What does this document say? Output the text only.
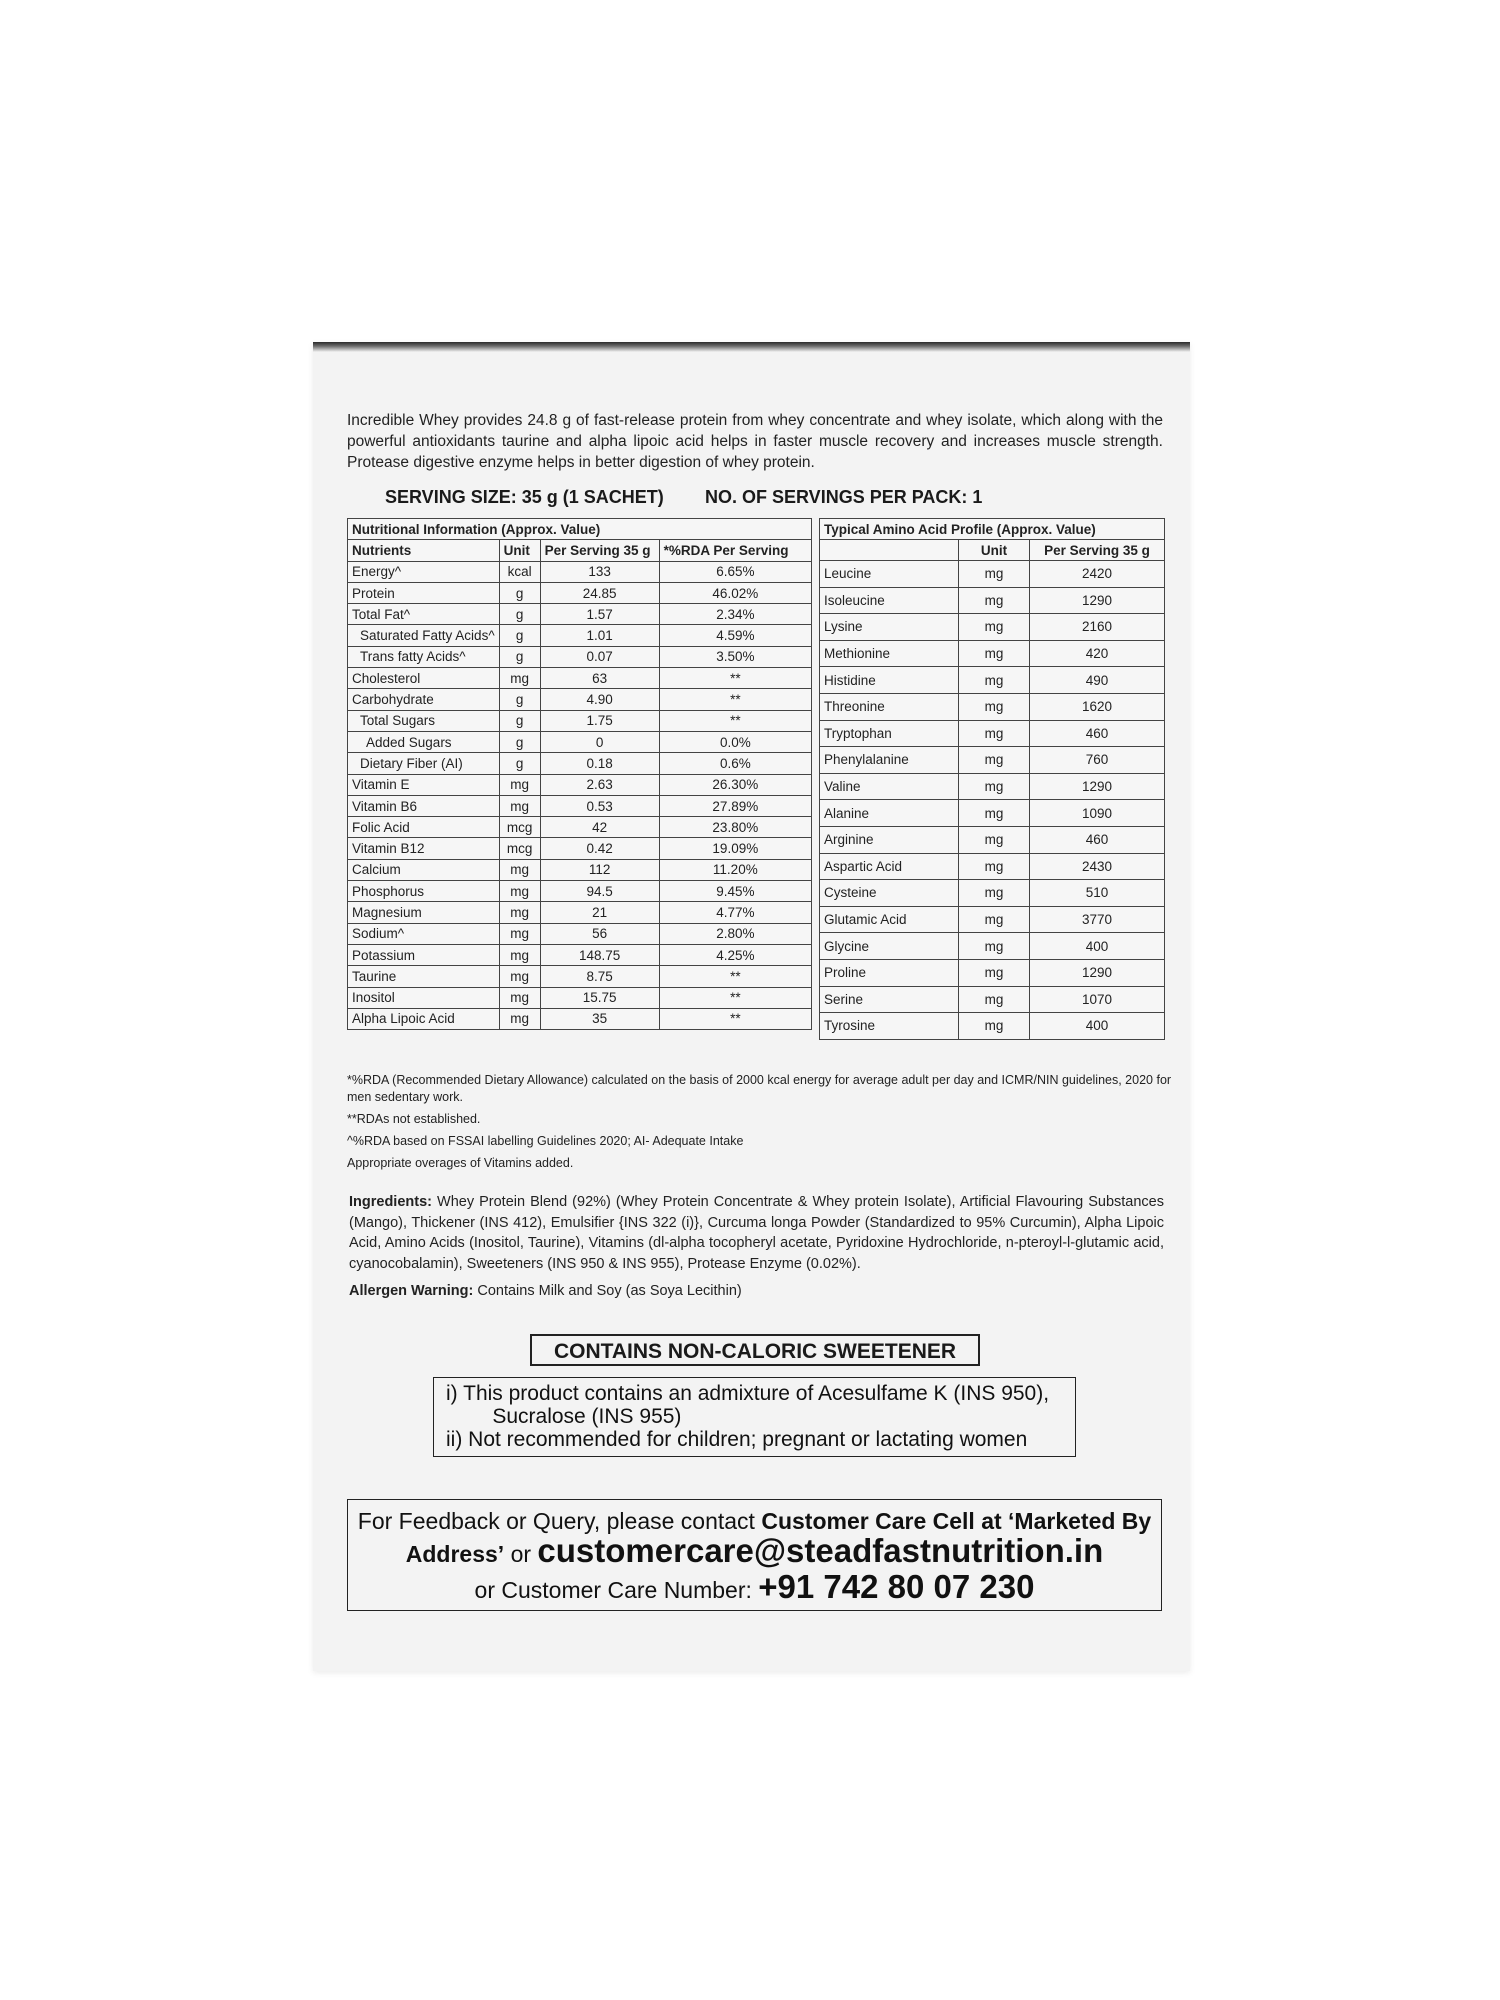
Incredible Whey provides 24.8 g of fast-release protein from whey concentrate and whey isolate, which along with the powerful antioxidants taurine and alpha lipoic acid helps in faster muscle recovery and increases muscle strength. Protease digestive enzyme helps in better digestion of whey protein.
SERVING SIZE: 35 g (1 SACHET) NO. OF SERVINGS PER PACK: 1
Nutritional Information (Approx. Value)			
Nutrients	Unit	Per Serving 35 g	*%RDA Per Serving
Energy^	kcal	133	6.65%
Protein	g	24.85	46.02%
Total Fat^	g	1.57	2.34%
Saturated Fatty Acids^	g	1.01	4.59%
Trans fatty Acids^	g	0.07	3.50%
Cholesterol	mg	63	**
Carbohydrate	g	4.90	**
Total Sugars	g	1.75	**
Added Sugars	g	0	0.0%
Dietary Fiber (AI)	g	0.18	0.6%
Vitamin E	mg	2.63	26.30%
Vitamin B6	mg	0.53	27.89%
Folic Acid	mcg	42	23.80%
Vitamin B12	mcg	0.42	19.09%
Calcium	mg	112	11.20%
Phosphorus	mg	94.5	9.45%
Magnesium	mg	21	4.77%
Sodium^	mg	56	2.80%
Potassium	mg	148.75	4.25%
Taurine	mg	8.75	**
Inositol	mg	15.75	**
Alpha Lipoic Acid	mg	35	**
Typical Amino Acid Profile (Approx. Value)		
	Unit	Per Serving 35 g
Leucine	mg	2420
Isoleucine	mg	1290
Lysine	mg	2160
Methionine	mg	420
Histidine	mg	490
Threonine	mg	1620
Tryptophan	mg	460
Phenylalanine	mg	760
Valine	mg	1290
Alanine	mg	1090
Arginine	mg	460
Aspartic Acid	mg	2430
Cysteine	mg	510
Glutamic Acid	mg	3770
Glycine	mg	400
Proline	mg	1290
Serine	mg	1070
Tyrosine	mg	400

*%RDA (Recommended Dietary Allowance) calculated on the basis of 2000 kcal energy for average adult per day and ICMR/NIN guidelines, 2020 for men sedentary work.

**RDAs not established.

^%RDA based on FSSAI labelling Guidelines 2020; AI- Adequate Intake

Appropriate overages of Vitamins added.

Ingredients: Whey Protein Blend (92%) (Whey Protein Concentrate & Whey protein Isolate), Artificial Flavouring Substances (Mango), Thickener (INS 412), Emulsifier {INS 322 (i)}, Curcuma longa Powder (Standardized to 95% Curcumin), Alpha Lipoic Acid, Amino Acids (Inositol, Taurine), Vitamins (dl-alpha tocopheryl acetate, Pyridoxine Hydrochloride, n-pteroyl-l-glutamic acid, cyanocobalamin), Sweeteners (INS 950 & INS 955), Protease Enzyme (0.02%).
Allergen Warning: Contains Milk and Soy (as Soya Lecithin)
CONTAINS NON-CALORIC SWEETENER
i) This product contains an admixture of Acesulfame K (INS 950),
Sucralose (INS 955)
ii) Not recommended for children; pregnant or lactating women
For Feedback or Query, please contact Customer Care Cell at ‘Marketed By
Address’ or customercare@steadfastnutrition.in
or Customer Care Number: +91 742 80 07 230
